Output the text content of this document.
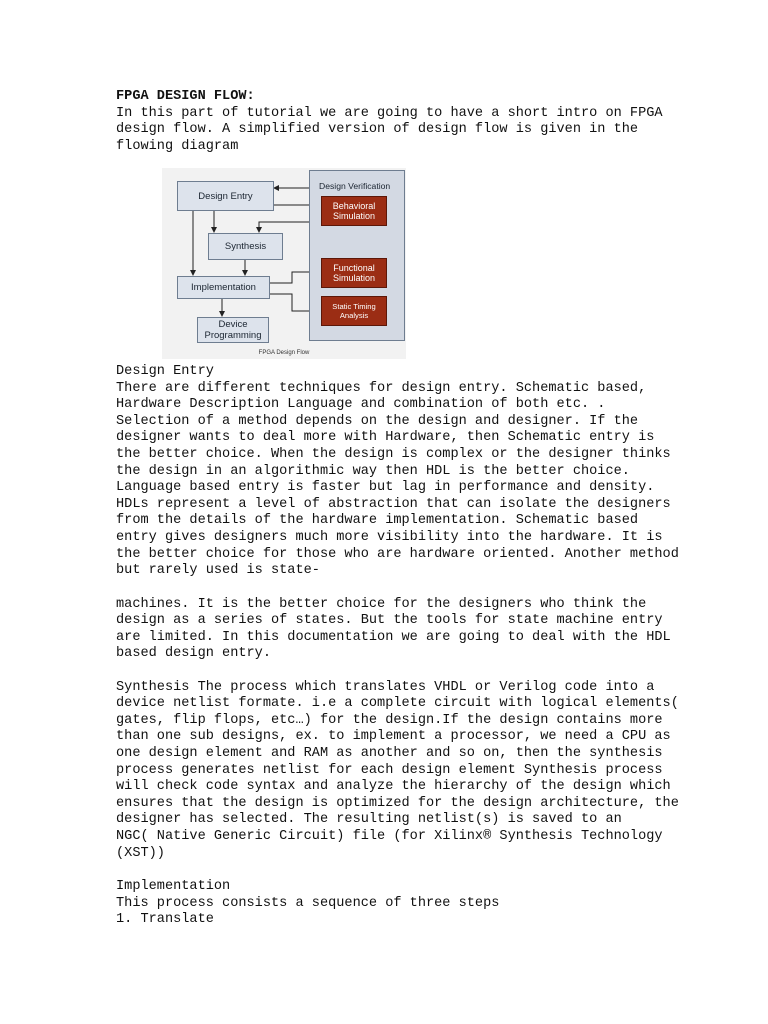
FPGA DESIGN FLOW:
In this part of tutorial we are going to have a short intro on FPGA
design flow. A simplified version of design flow is given in the
flowing diagram
Design Verification
Design Entry
Synthesis
Implementation
Device
Programming
Behavioral
Simulation
Functional
Simulation
Static Timing
Analysis
FPGA Design Flow
Design Entry
There are different techniques for design entry. Schematic based,
Hardware Description Language and combination of both etc. .
Selection of a method depends on the design and designer. If the
designer wants to deal more with Hardware, then Schematic entry is
the better choice. When the design is complex or the designer thinks
the design in an algorithmic way then HDL is the better choice.
Language based entry is faster but lag in performance and density.
HDLs represent a level of abstraction that can isolate the designers
from the details of the hardware implementation. Schematic based
entry gives designers much more visibility into the hardware. It is
the better choice for those who are hardware oriented. Another method
but rarely used is state-
machines. It is the better choice for the designers who think the
design as a series of states. But the tools for state machine entry
are limited. In this documentation we are going to deal with the HDL
based design entry.
Synthesis The process which translates VHDL or Verilog code into a
device netlist formate. i.e a complete circuit with logical elements(
gates, flip flops, etc…) for the design.If the design contains more
than one sub designs, ex. to implement a processor, we need a CPU as
one design element and RAM as another and so on, then the synthesis
process generates netlist for each design element Synthesis process
will check code syntax and analyze the hierarchy of the design which
ensures that the design is optimized for the design architecture, the
designer has selected. The resulting netlist(s) is saved to an
NGC( Native Generic Circuit) file (for Xilinx® Synthesis Technology
(XST))
Implementation
This process consists a sequence of three steps
1. Translate
